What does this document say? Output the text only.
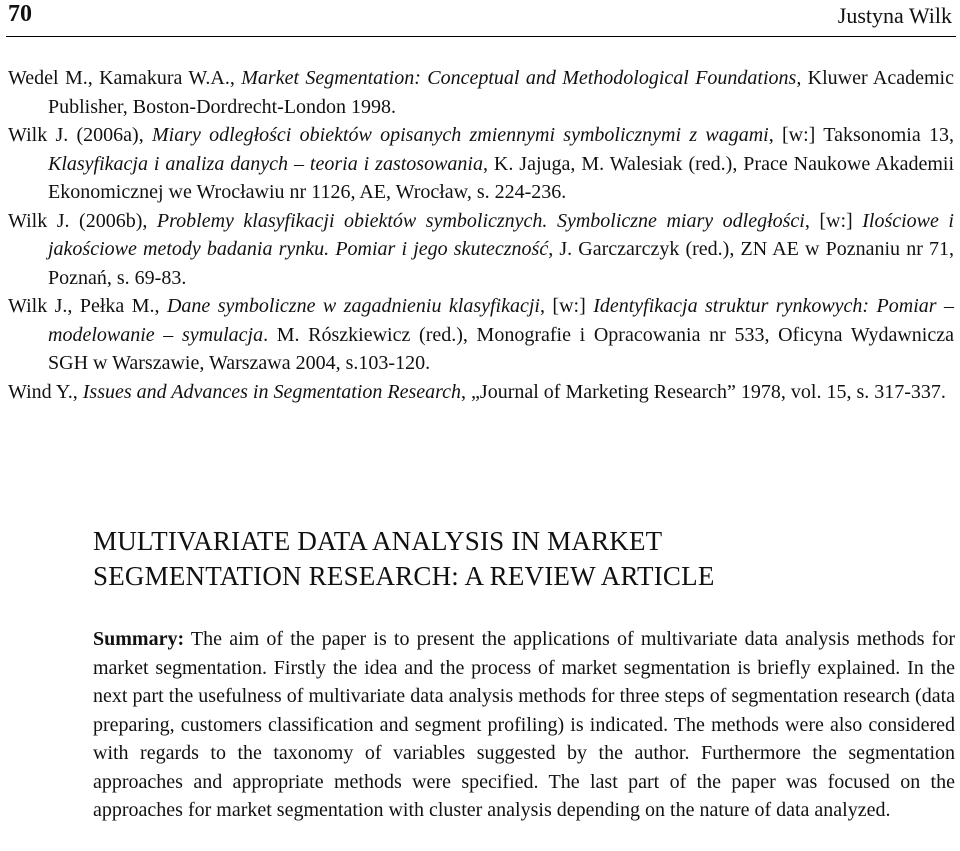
70	Justyna Wilk

Wedel M., Kamakura W.A., Market Segmentation: Conceptual and Methodological Foundations, Kluwer Academic Publisher, Boston-Dordrecht-London 1998.

Wilk J. (2006a), Miary odległości obiektów opisanych zmiennymi symbolicznymi z wagami, [w:] Taksonomia 13, Klasyfikacja i analiza danych – teoria i zastosowania, K. Jajuga, M. Walesiak (red.), Prace Naukowe Akademii Ekonomicznej we Wrocławiu nr 1126, AE, Wrocław, s. 224-236.

Wilk J. (2006b), Problemy klasyfikacji obiektów symbolicznych. Symboliczne miary odległości, [w:] Ilościowe i jakościowe metody badania rynku. Pomiar i jego skuteczność, J. Garczarczyk (red.), ZN AE w Poznaniu nr 71, Poznań, s. 69-83.

Wilk J., Pełka M., Dane symboliczne w zagadnieniu klasyfikacji, [w:] Identyfikacja struktur rynkowych: Pomiar – modelowanie – symulacja. M. Rószkiewicz (red.), Monografie i Opracowania nr 533, Oficyna Wydawnicza SGH w Warszawie, Warszawa 2004, s.103-120.

Wind Y., Issues and Advances in Segmentation Research, „Journal of Marketing Research” 1978, vol. 15, s. 317-337.

MULTIVARIATE DATA ANALYSIS IN MARKET
SEGMENTATION RESEARCH: A REVIEW ARTICLE

Summary: The aim of the paper is to present the applications of multivariate data analysis methods for market segmentation. Firstly the idea and the process of market segmentation is briefly explained. In the next part the usefulness of multivariate data analysis methods for three steps of segmentation research (data preparing, customers classification and segment profiling) is indicated. The methods were also considered with regards to the taxonomy of variables suggested by the author. Furthermore the segmentation approaches and appropriate methods were specified. The last part of the paper was focused on the approaches for market segmentation with cluster analysis depending on the nature of data analyzed.
